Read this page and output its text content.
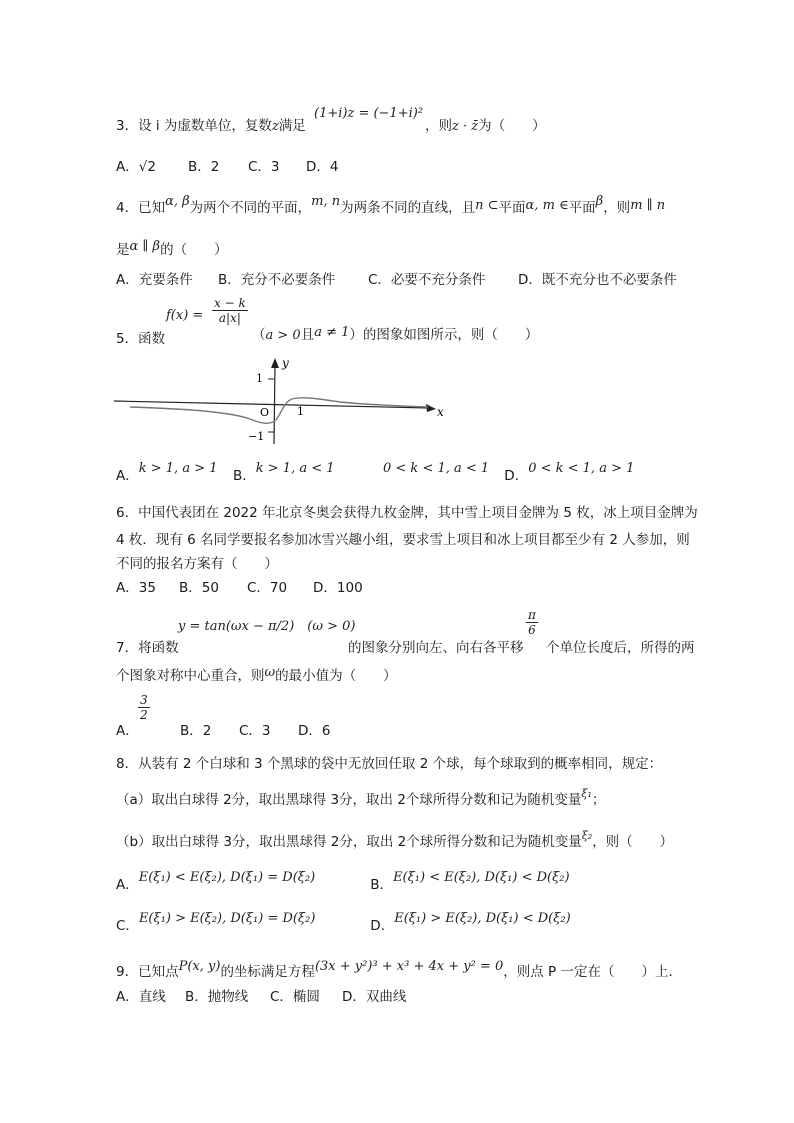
3．设 i 为虚数单位，复数z满足
(1+i)z = (−1+i)²
，则z · z̄为（　　）
A．√2 B．2 C．3 D．4
4．已知α, β为两个不同的平面，m, n为两条不同的直线，且n ⊂平面α, m ∈平面β，则m ∥ n
是α ∥ β的（　　）
A．充要条件 B．充分不必要条件 C．必要不充分条件 D．既不充分也不必要条件
5．函数
$f(x) = \frac{x - k}{a|x|}$
（a > 0且a ≠ 1）的图象如图所示，则（　　）
1
y
O	1
−1
x
A．k > 1, a > 1 B．k > 1, a < 1	0 < k < 1, a < 1 D．0 < k < 1, a > 1
6．中国代表团在 2022 年北京冬奥会获得九枚金牌，其中雪上项目金牌为 5 枚，冰上项目金牌为
4 枚．现有 6 名同学要报名参加冰雪兴趣小组，要求雪上项目和冰上项目都至少有 2 人参加，则
不同的报名方案有（　　）
A．35 B．50 C．70 D．100
7．将函数
y = tan(ωx − π/2)　(ω > 0)
的图象分别向左、向右各平移
$\frac{\pi}{6}$
个单位长度后，所得的两
个图象对称中心重合，则ω的最小值为（　　）
A．
$\frac{3}{2}$
B．2 C．3 D．6
8．从装有 2 个白球和 3 个黑球的袋中无放回任取 2 个球，每个球取到的概率相同，规定：
（a）取出白球得 2分，取出黑球得 3分，取出 2个球所得分数和记为随机变量$^{\xi_1}$；
（b）取出白球得 3分，取出黑球得 2分，取出 2个球所得分数和记为随机变量$^{\xi_2}$，则（　　）
A．E(ξ₁) < E(ξ₂), D(ξ₁) = D(ξ₂)	B．E(ξ₁) < E(ξ₂), D(ξ₁) < D(ξ₂)
C．E(ξ₁) > E(ξ₂), D(ξ₁) = D(ξ₂)	D．E(ξ₁) > E(ξ₂), D(ξ₁) < D(ξ₂)
9．已知点P(x, y)的坐标满足方程(3x + y²)³ + x³ + 4x + y² = 0，则点 P 一定在（　　）上．
A．直线 B．抛物线 C．椭圆 D．双曲线
